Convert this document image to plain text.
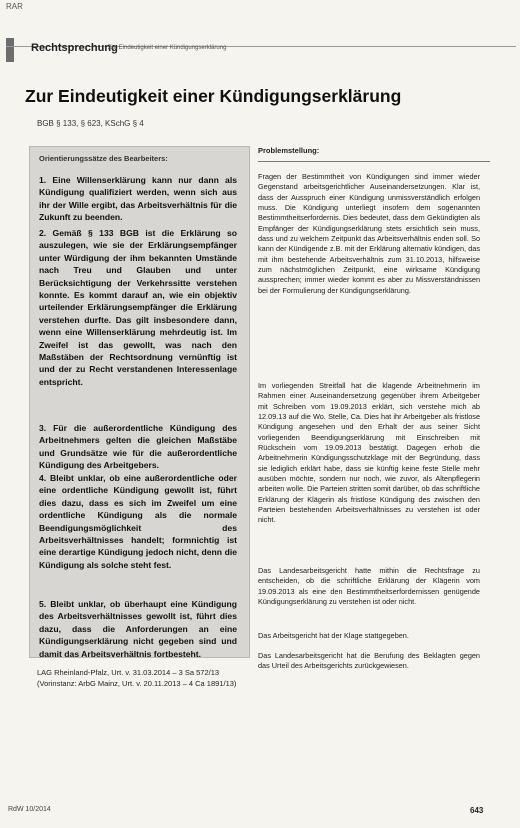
RAR
Rechtsprechung
Zur Eindeutigkeit einer Kündigungserklärung
Zur Eindeutigkeit einer Kündigungserklärung
BGB § 133, § 623, KSchG § 4
Orientierungssätze des Bearbeiters:
1. Eine Willenserklärung kann nur dann als Kündigung qualifiziert werden, wenn sich aus ihr der Wille ergibt, das Arbeitsverhältnis für die Zukunft zu beenden.
2. Gemäß § 133 BGB ist die Erklärung so auszulegen, wie sie der Erklärungsempfänger unter Würdigung der ihm bekannten Umstände nach Treu und Glauben und unter Berücksichtigung der Verkehrssitte verstehen konnte. Es kommt darauf an, wie ein objektiv urteilender Erklärungsempfänger die Erklärung verstehen durfte. Das gilt insbesondere dann, wenn eine Willenserklärung mehrdeutig ist. Im Zweifel ist das gewollt, was nach den Maßstäben der Rechtsordnung vernünftig ist und der zu Recht verstandenen Interessenlage entspricht.
3. Für die außerordentliche Kündigung des Arbeitnehmers gelten die gleichen Maßstäbe und Grundsätze wie für die außerordentliche Kündigung des Arbeitgebers.
4. Bleibt unklar, ob eine außerordentliche oder eine ordentliche Kündigung gewollt ist, führt dies dazu, dass es sich im Zweifel um eine ordentliche Kündigung als die normale Beendigungsmöglichkeit des Arbeitsverhältnisses handelt; formnichtig ist eine derartige Kündigung jedoch nicht, denn die Kündigung als solche steht fest.
5. Bleibt unklar, ob überhaupt eine Kündigung des Arbeitsverhältnisses gewollt ist, führt dies dazu, dass die Anforderungen an eine Kündigungserklärung nicht gegeben sind und damit das Arbeitsverhältnis fortbesteht.
LAG Rheinland-Pfalz, Urt. v. 31.03.2014 – 3 Sa 572/13
(Vorinstanz: ArbG Mainz, Urt. v. 20.11.2013 – 4 Ca 1891/13)
Problemstellung:
Fragen der Bestimmtheit von Kündigungen sind immer wieder Gegenstand arbeitsgerichtlicher Auseinandersetzungen. Klar ist, dass der Ausspruch einer Kündigung unmissverständlich erfolgen muss. Die Kündigung unterliegt insofern dem sogenannten Bestimmtheitserfordernis. Dies bedeutet, dass dem Gekündigten als Empfänger der Kündigungserklärung stets ersichtlich sein muss, dass und zu welchem Zeitpunkt das Arbeitsverhältnis enden soll. So kann der Kündigende z.B. mit der Erklärung alternativ kündigen, das mit ihm bestehende Arbeitsverhältnis zum 31.10.2013, hilfsweise zum nächstmöglichen Zeitpunkt, eine wirksame Kündigung aussprechen; immer wieder kommt es aber zu Missverständnissen bei der Formulierung der Kündigungserklärung.
Im vorliegenden Streitfall hat die klagende Arbeitnehmerin im Rahmen einer Auseinandersetzung gegenüber ihrem Arbeitgeber mit Schreiben vom 19.09.2013 erklärt, sich verstehe mich ab 12.09.13 auf die Wo. Stelle, Ca. Dies hat ihr Arbeitgeber als fristlose Kündigung angesehen und den Erhalt der aus seiner Sicht vorliegenden Beendigungserklärung mit Einschreiben mit Rückschein vom 19.09.2013 bestätigt. Dagegen erhob die Arbeitnehmerin Kündigungsschutzklage mit der Begründung, dass sie lediglich erklärt habe, dass sie künftig keine feste Stelle mehr ausüben möchte, sondern nur noch, wie zuvor, als Altenpflegerin arbeiten wolle. Die Parteien stritten somit darüber, ob das schriftliche Erklärung der Klägerin als fristlose Kündigung des zwischen den Parteien bestehenden Arbeitsverhältnisses zu verstehen ist oder nicht.
Das Landesarbeitsgericht hatte mithin die Rechtsfrage zu entscheiden, ob die schriftliche Erklärung der Klägerin vom 19.09.2013 als eine den Bestimmtheitserfordernissen genügende Kündigungserklärung zu verstehen ist oder nicht.
Das Arbeitsgericht hat der Klage stattgegeben.
Das Landesarbeitsgericht hat die Berufung des Beklagten gegen das Urteil des Arbeitsgerichts zurückgewiesen.
RdW 10/2014	643
